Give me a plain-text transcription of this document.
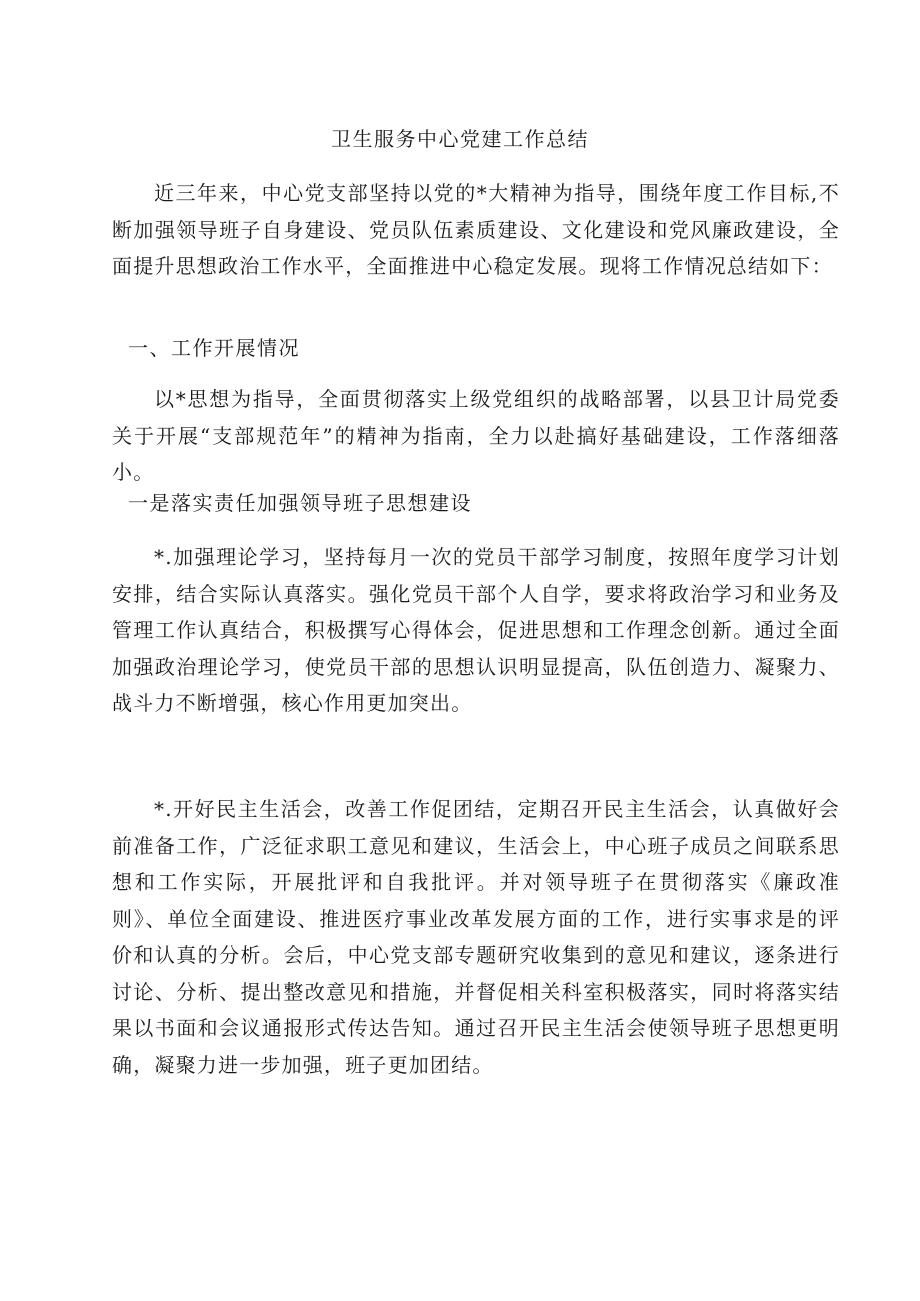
卫生服务中心党建工作总结
近三年来，中心党支部坚持以党的*大精神为指导，围绕年度工作目标,不断加强领导班子自身建设、党员队伍素质建设、文化建设和党风廉政建设，全面提升思想政治工作水平，全面推进中心稳定发展。现将工作情况总结如下：
一、工作开展情况
以*思想为指导，全面贯彻落实上级党组织的战略部署，以县卫计局党委关于开展“支部规范年”的精神为指南，全力以赴搞好基础建设，工作落细落小。
一是落实责任加强领导班子思想建设
*.加强理论学习，坚持每月一次的党员干部学习制度，按照年度学习计划安排，结合实际认真落实。强化党员干部个人自学，要求将政治学习和业务及管理工作认真结合，积极撰写心得体会，促进思想和工作理念创新。通过全面加强政治理论学习，使党员干部的思想认识明显提高，队伍创造力、凝聚力、战斗力不断增强，核心作用更加突出。
*.开好民主生活会，改善工作促团结，定期召开民主生活会，认真做好会前准备工作，广泛征求职工意见和建议，生活会上，中心班子成员之间联系思想和工作实际，开展批评和自我批评。并对领导班子在贯彻落实《廉政准则》、单位全面建设、推进医疗事业改革发展方面的工作，进行实事求是的评价和认真的分析。会后，中心党支部专题研究收集到的意见和建议，逐条进行讨论、分析、提出整改意见和措施，并督促相关科室积极落实，同时将落实结果以书面和会议通报形式传达告知。通过召开民主生活会使领导班子思想更明确，凝聚力进一步加强，班子更加团结。
